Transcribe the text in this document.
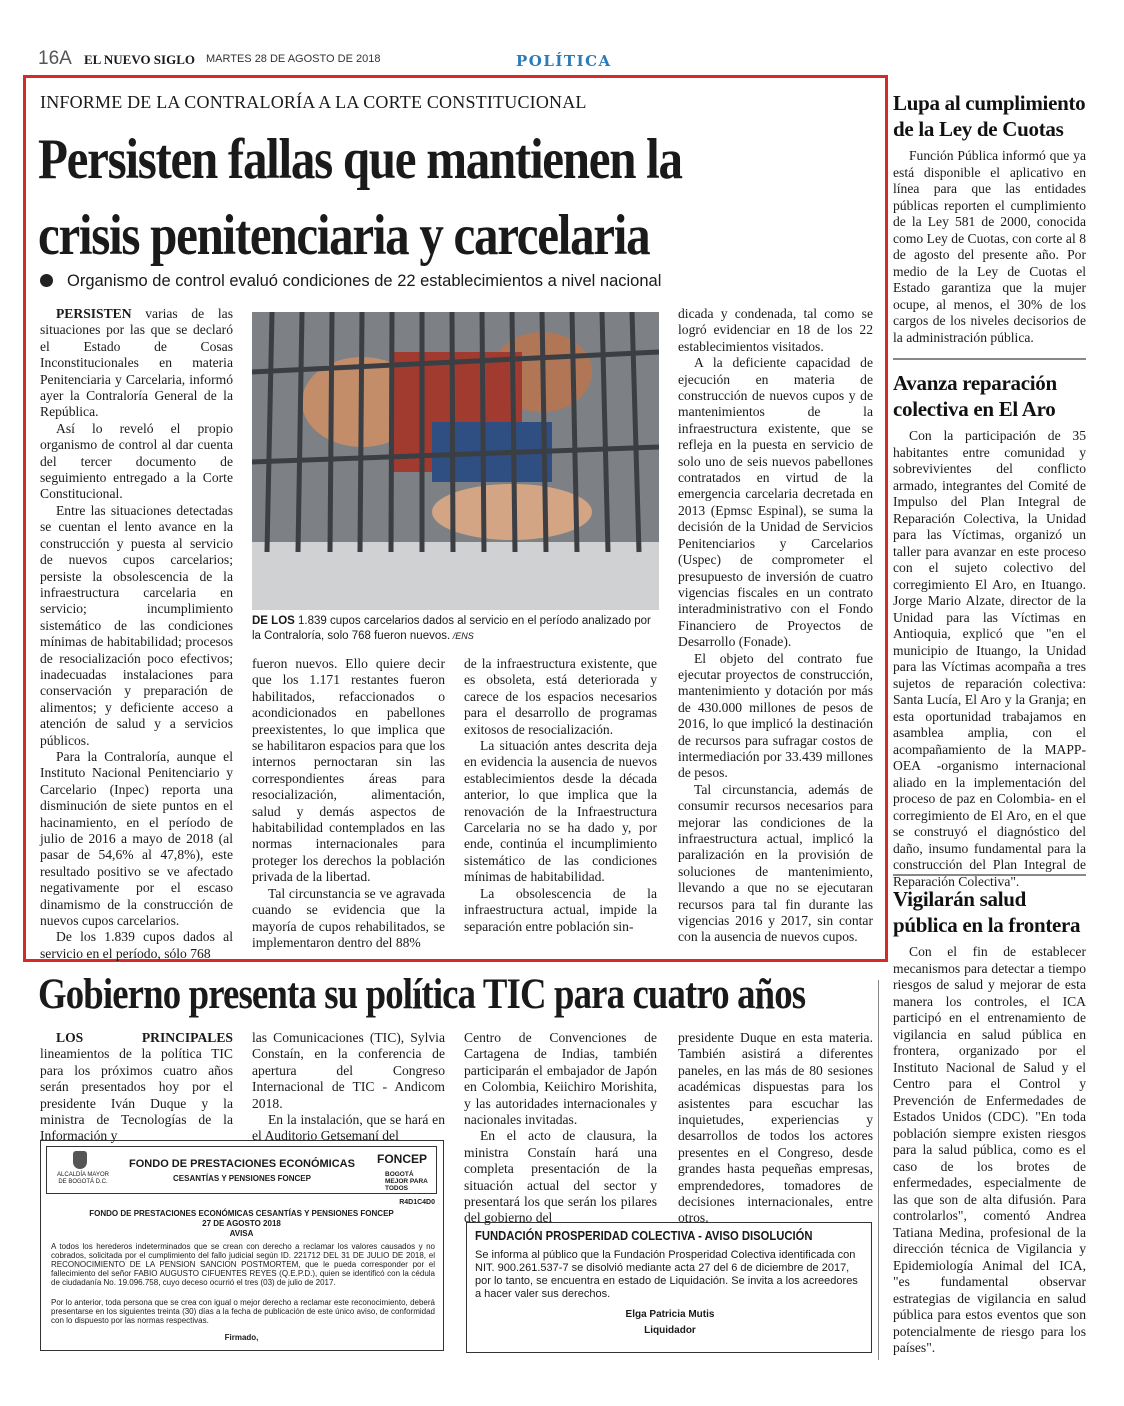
16A EL NUEVO SIGLO MARTES 28 DE AGOSTO DE 2018	POLÍTICA
INFORME DE LA CONTRALORÍA A LA CORTE CONSTITUCIONAL
Persisten fallas que mantienen la
crisis penitenciaria y carcelaria
Organismo de control evaluó condiciones de 22 establecimientos a nivel nacional

PERSISTEN varias de las situaciones por las que se declaró el Estado de Cosas Inconstitucionales en materia Penitenciaria y Carcelaria, informó ayer la Contraloría General de la República.

Así lo reveló el propio organismo de control al dar cuenta del tercer documento de seguimiento entregado a la Corte Constitucional.

Entre las situaciones detectadas se cuentan el lento avance en la construcción y puesta al servicio de nuevos cupos carcelarios; persiste la obsolescencia de la infraestructura carcelaria en servicio; incumplimiento sistemático de las condiciones mínimas de habitabilidad; procesos de resocialización poco efectivos; inadecuadas instalaciones para conservación y preparación de alimentos; y deficiente acceso a atención de salud y a servicios públicos.

Para la Contraloría, aunque el Instituto Nacional Penitenciario y Carcelario (Inpec) reporta una disminución de siete puntos en el hacinamiento, en el período de julio de 2016 a mayo de 2018 (al pasar de 54,6% al 47,8%), este resultado positivo se ve afectado negativamente por el escaso dinamismo de la construcción de nuevos cupos carcelarios.

De los 1.839 cupos dados al servicio en el período, sólo 768

DE LOS 1.839 cupos carcelarios dados al servicio en el período analizado por la Contraloría, solo 768 fueron nuevos. /ENS

fueron nuevos. Ello quiere decir que los 1.171 restantes fueron habilitados, refaccionados o acondicionados en pabellones preexistentes, lo que implica que se habilitaron espacios para que los internos pernoctaran sin las correspondientes áreas para resocialización, alimentación, salud y demás aspectos de habitabilidad contemplados en las normas internacionales para proteger los derechos la población privada de la libertad.

Tal circunstancia se ve agravada cuando se evidencia que la mayoría de cupos rehabilitados, se implementaron dentro del 88%

de la infraestructura existente, que es obsoleta, está deteriorada y carece de los espacios necesarios para el desarrollo de programas exitosos de resocialización.

La situación antes descrita deja en evidencia la ausencia de nuevos establecimientos desde la década anterior, lo que implica que la renovación de la Infraestructura Carcelaria no se ha dado y, por ende, continúa el incumplimiento sistemático de las condiciones mínimas de habitabilidad.

La obsolescencia de la infraestructura actual, impide la separación entre población sin-

dicada y condenada, tal como se logró evidenciar en 18 de los 22 establecimientos visitados.

A la deficiente capacidad de ejecución en materia de construcción de nuevos cupos y de mantenimientos de la infraestructura existente, que se refleja en la puesta en servicio de solo uno de seis nuevos pabellones contratados en virtud de la emergencia carcelaria decretada en 2013 (Epmsc Espinal), se suma la decisión de la Unidad de Servicios Penitenciarios y Carcelarios (Uspec) de comprometer el presupuesto de inversión de cuatro vigencias fiscales en un contrato interadministrativo con el Fondo Financiero de Proyectos de Desarrollo (Fonade).

El objeto del contrato fue ejecutar proyectos de construcción, mantenimiento y dotación por más de 430.000 millones de pesos de 2016, lo que implicó la destinación de recursos para sufragar costos de intermediación por 33.439 millones de pesos.

Tal circunstancia, además de consumir recursos necesarios para mejorar las condiciones de la infraestructura actual, implicó la paralización en la provisión de soluciones de mantenimiento, llevando a que no se ejecutaran recursos para tal fin durante las vigencias 2016 y 2017, sin contar con la ausencia de nuevos cupos.

Lupa al cumplimiento de la Ley de Cuotas
Función Pública informó que ya está disponible el aplicativo en línea para que las entidades públicas reporten el cumplimiento de la Ley 581 de 2000, conocida como Ley de Cuotas, con corte al 8 de agosto del presente año. Por medio de la Ley de Cuotas el Estado garantiza que la mujer ocupe, al menos, el 30% de los cargos de los niveles decisorios de la administración pública.
Avanza reparación colectiva en El Aro
Con la participación de 35 habitantes entre comunidad y sobrevivientes del conflicto armado, integrantes del Comité de Impulso del Plan Integral de Reparación Colectiva, la Unidad para las Víctimas, organizó un taller para avanzar en este proceso con el sujeto colectivo del corregimiento El Aro, en Ituango. Jorge Mario Alzate, director de la Unidad para las Víctimas en Antioquia, explicó que "en el municipio de Ituango, la Unidad para las Víctimas acompaña a tres sujetos de reparación colectiva: Santa Lucía, El Aro y la Granja; en esta oportunidad trabajamos en asamblea amplia, con el acompañamiento de la MAPP-OEA -organismo internacional aliado en la implementación del proceso de paz en Colombia- en el corregimiento de El Aro, en el que se construyó el diagnóstico del daño, insumo fundamental para la construcción del Plan Integral de Reparación Colectiva".
Vigilarán salud pública en la frontera
Con el fin de establecer mecanismos para detectar a tiempo riesgos de salud y mejorar de esta manera los controles, el ICA participó en el entrenamiento de vigilancia en salud pública en frontera, organizado por el Instituto Nacional de Salud y el Centro para el Control y Prevención de Enfermedades de Estados Unidos (CDC). "En toda población siempre existen riesgos para la salud pública, como es el caso de los brotes de enfermedades, especialmente de las que son de alta difusión. Para controlarlos", comentó Andrea Tatiana Medina, profesional de la dirección técnica de Vigilancia y Epidemiología Animal del ICA, "es fundamental observar estrategias de vigilancia en salud pública para estos eventos que son potencialmente de riesgo para los países".
Gobierno presenta su política TIC para cuatro años

LOS PRINCIPALES lineamientos de la política TIC para los próximos cuatro años serán presentados hoy por el presidente Iván Duque y la ministra de Tecnologías de la Información y

las Comunicaciones (TIC), Sylvia Constaín, en la conferencia de apertura del Congreso Internacional de TIC - Andicom 2018.

En la instalación, que se hará en el Auditorio Getsemaní del

Centro de Convenciones de Cartagena de Indias, también participarán el embajador de Japón en Colombia, Keiichiro Morishita, y las autoridades internacionales y nacionales invitadas.

En el acto de clausura, la ministra Constaín hará una completa presentación de la situación actual del sector y presentará los que serán los pilares del gobierno del

presidente Duque en esta materia. También asistirá a diferentes paneles, en las más de 80 sesiones académicas dispuestas para los asistentes para escuchar las inquietudes, experiencias y desarrollos de todos los actores presentes en el Congreso, desde grandes hasta pequeñas empresas, emprendedores, tomadores de decisiones internacionales, entre otros.

ALCALDÍA MAYOR
DE BOGOTÁ D.C.
FONDO DE PRESTACIONES ECONÓMICAS
CESANTÍAS Y PENSIONES FONCEP
FONCEP
BOGOTÁ MEJOR PARA TODOS
R4D1C4D0
FONDO DE PRESTACIONES ECONÓMICAS CESANTÍAS Y PENSIONES FONCEP
27 DE AGOSTO 2018
AVISA
A todos los herederos indeterminados que se crean con derecho a reclamar los valores causados y no cobrados, solicitada por el cumplimiento del fallo judicial según ID. 221712 DEL 31 DE JULIO DE 2018, el RECONOCIMIENTO DE LA PENSION SANCION POSTMORTEM, que le pueda corresponder por el fallecimiento del señor FABIO AUGUSTO CIFUENTES REYES (Q.E.P.D.), quien se identificó con la cédula de ciudadanía No. 19.096.758, cuyo deceso ocurrió el tres (03) de julio de 2017.
Por lo anterior, toda persona que se crea con igual o mejor derecho a reclamar este reconocimiento, deberá presentarse en los siguientes treinta (30) días a la fecha de publicación de este único aviso, de conformidad con lo dispuesto por las normas respectivas.
Firmado,
FUNDACIÓN PROSPERIDAD COLECTIVA - AVISO DISOLUCIÓN
Se informa al público que la Fundación Prosperidad Colectiva identificada con NIT. 900.261.537-7 se disolvió mediante acta 27 del 6 de diciembre de 2017, por lo tanto, se encuentra en estado de Liquidación. Se invita a los acreedores a hacer valer sus derechos.
Elga Patricia Mutis
Liquidador
